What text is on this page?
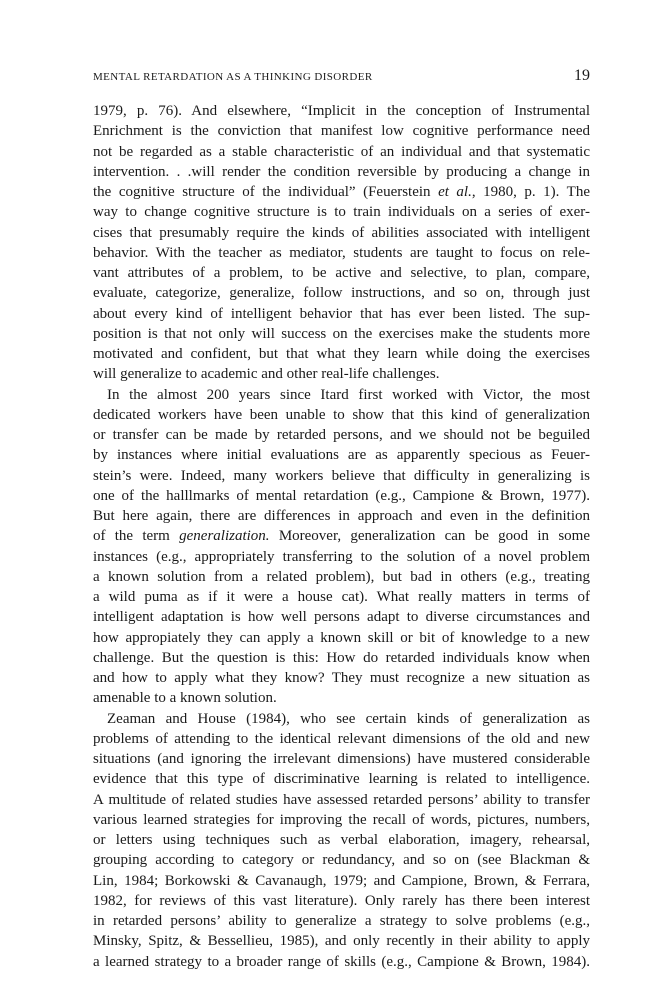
MENTAL RETARDATION AS A THINKING DISORDER	19
1979, p. 76). And elsewhere, “Implicit in the conception of Instrumental
Enrichment is the conviction that manifest low cognitive performance need
not be regarded as a stable characteristic of an individual and that systematic
intervention. . .will render the condition reversible by producing a change in
the cognitive structure of the individual” (Feuerstein et al., 1980, p. 1). The
way to change cognitive structure is to train individuals on a series of exer-
cises that presumably require the kinds of abilities associated with intelligent
behavior. With the teacher as mediator, students are taught to focus on rele-
vant attributes of a problem, to be active and selective, to plan, compare,
evaluate, categorize, generalize, follow instructions, and so on, through just
about every kind of intelligent behavior that has ever been listed. The sup-
position is that not only will success on the exercises make the students more
motivated and confident, but that what they learn while doing the exercises
will generalize to academic and other real-life challenges.
In the almost 200 years since Itard first worked with Victor, the most
dedicated workers have been unable to show that this kind of generalization
or transfer can be made by retarded persons, and we should not be beguiled
by instances where initial evaluations are as apparently specious as Feuer-
stein’s were. Indeed, many workers believe that difficulty in generalizing is
one of the halllmarks of mental retardation (e.g., Campione & Brown, 1977).
But here again, there are differences in approach and even in the definition
of the term generalization. Moreover, generalization can be good in some
instances (e.g., appropriately transferring to the solution of a novel problem
a known solution from a related problem), but bad in others (e.g., treating
a wild puma as if it were a house cat). What really matters in terms of
intelligent adaptation is how well persons adapt to diverse circumstances and
how appropiately they can apply a known skill or bit of knowledge to a new
challenge. But the question is this: How do retarded individuals know when
and how to apply what they know? They must recognize a new situation as
amenable to a known solution.
Zeaman and House (1984), who see certain kinds of generalization as
problems of attending to the identical relevant dimensions of the old and new
situations (and ignoring the irrelevant dimensions) have mustered considerable
evidence that this type of discriminative learning is related to intelligence.
A multitude of related studies have assessed retarded persons’ ability to transfer
various learned strategies for improving the recall of words, pictures, numbers,
or letters using techniques such as verbal elaboration, imagery, rehearsal,
grouping according to category or redundancy, and so on (see Blackman &
Lin, 1984; Borkowski & Cavanaugh, 1979; and Campione, Brown, & Ferrara,
1982, for reviews of this vast literature). Only rarely has there been interest
in retarded persons’ ability to generalize a strategy to solve problems (e.g.,
Minsky, Spitz, & Bessellieu, 1985), and only recently in their ability to apply
a learned strategy to a broader range of skills (e.g., Campione & Brown, 1984).
